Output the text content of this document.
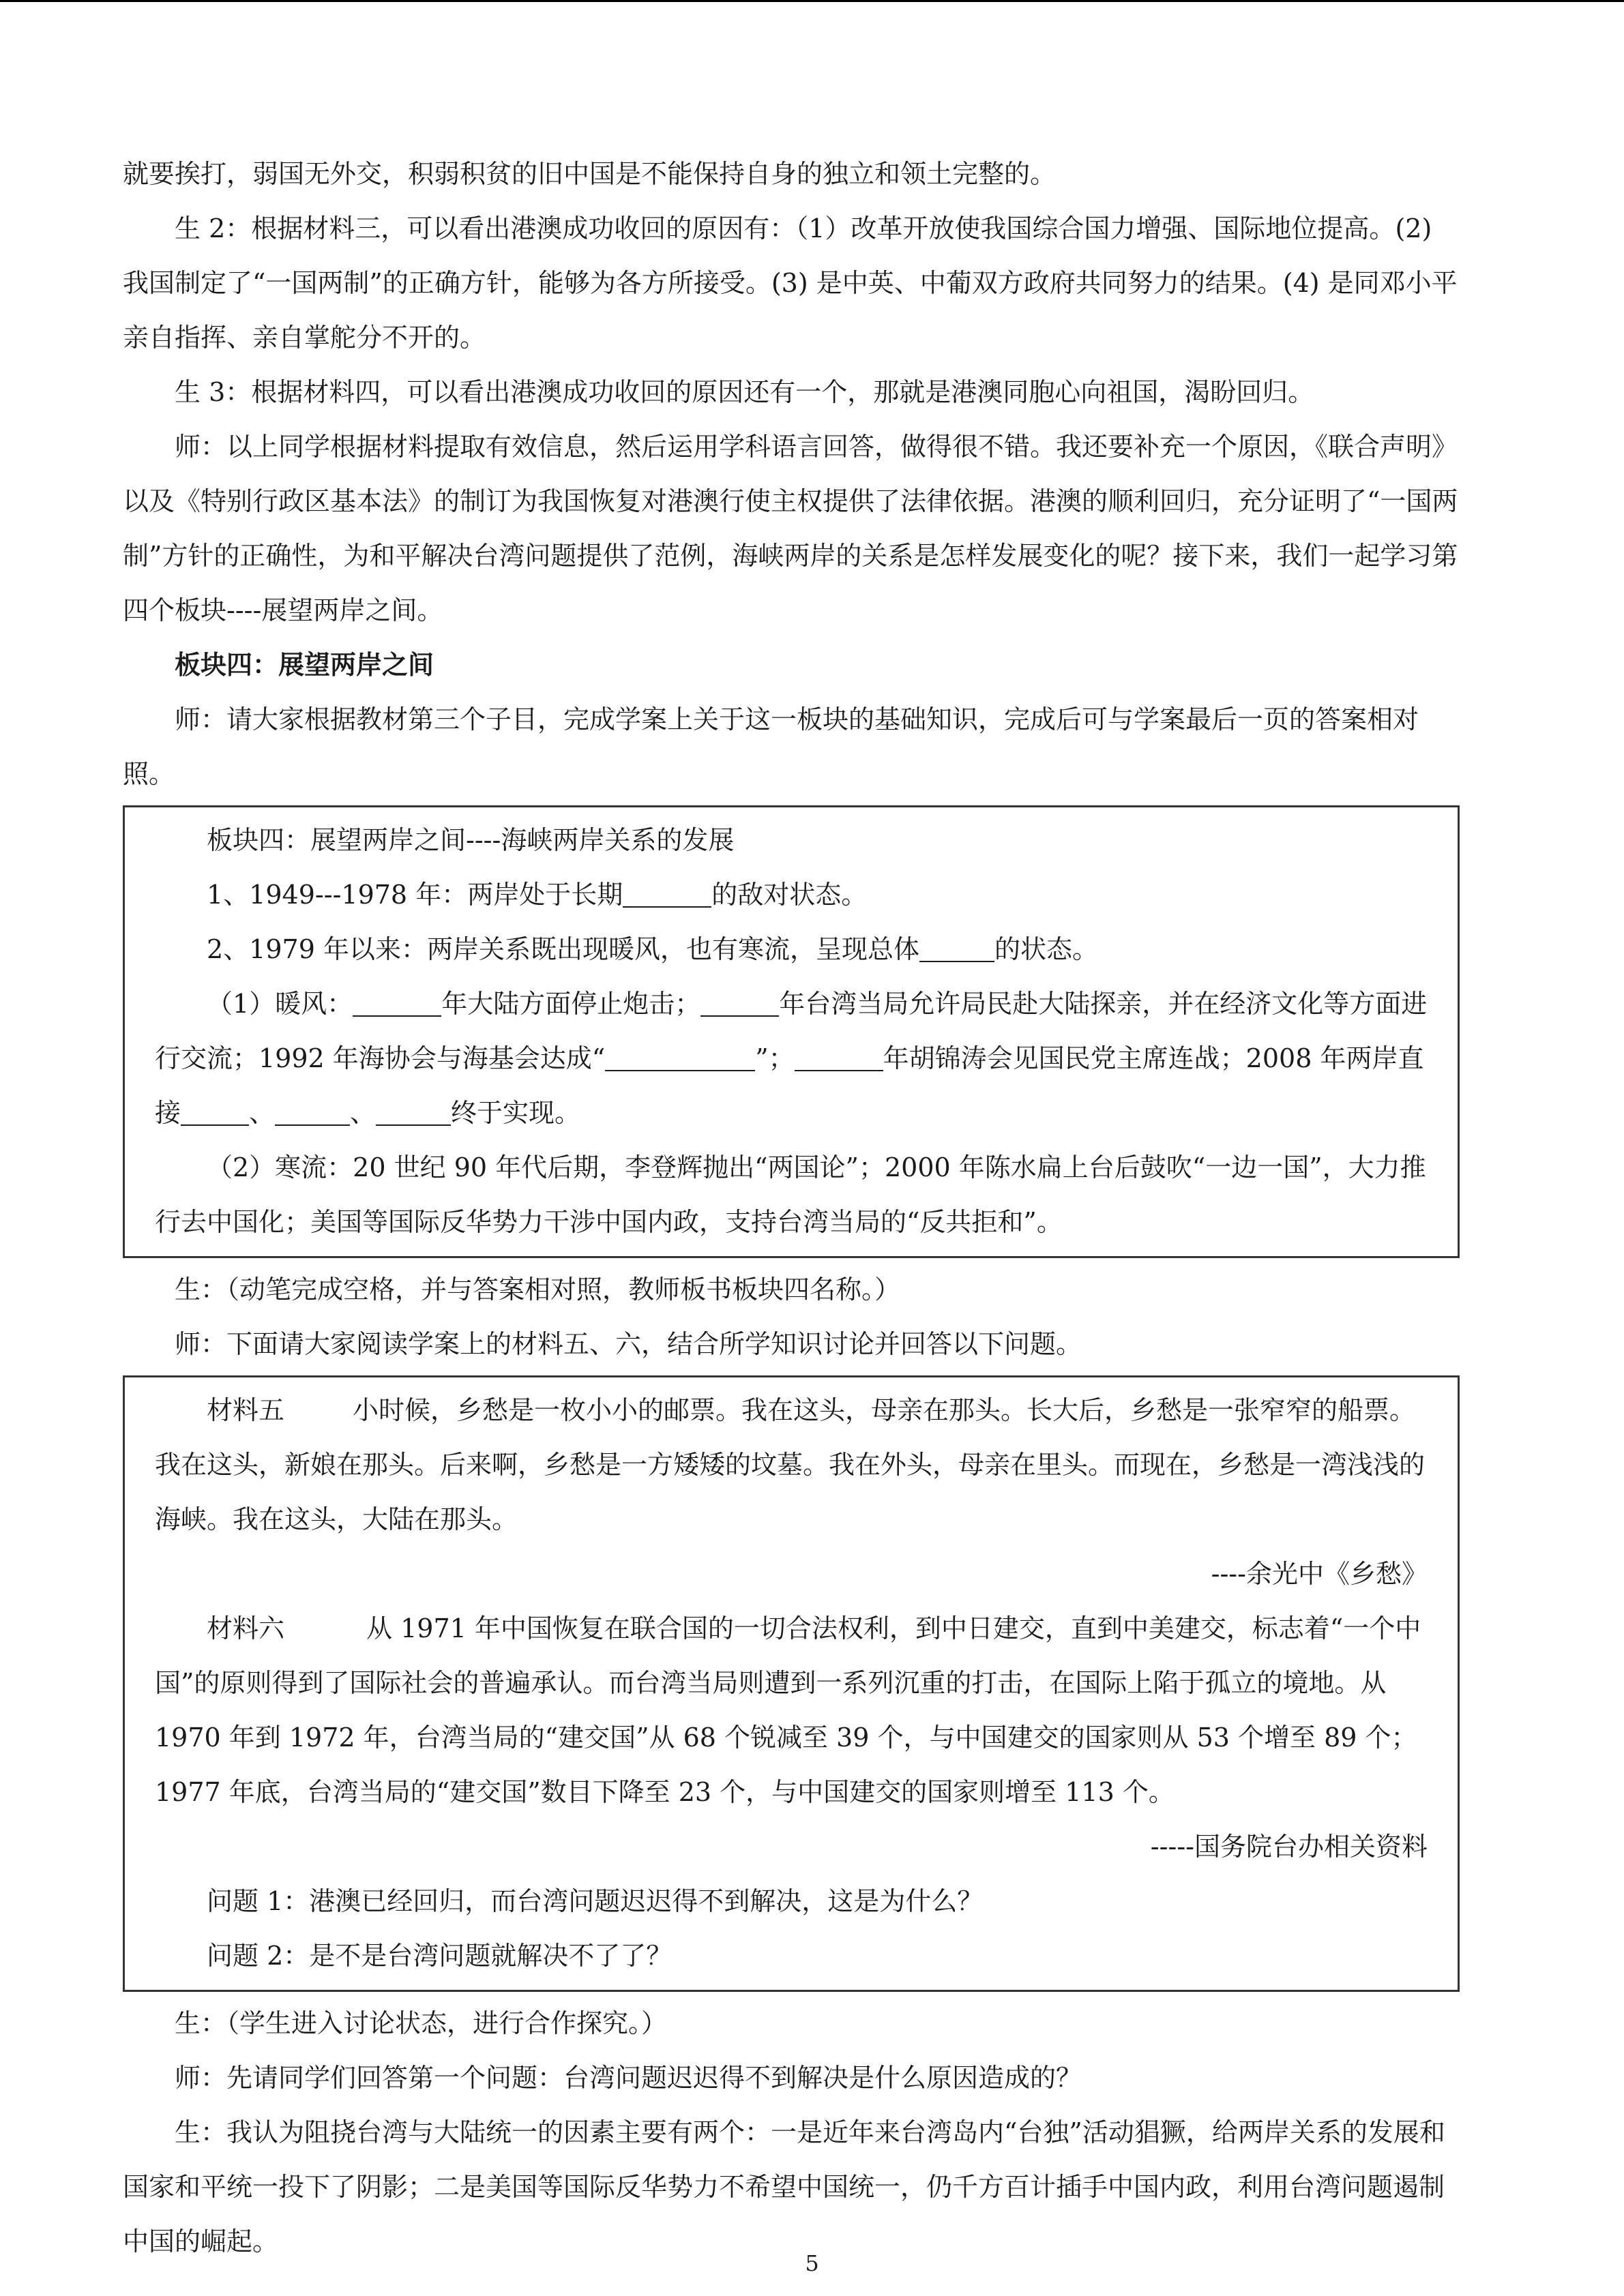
就要挨打，弱国无外交，积弱积贫的旧中国是不能保持自身的独立和领土完整的。

生 2：根据材料三，可以看出港澳成功收回的原因有：（1）改革开放使我国综合国力增强、国际地位提高。(2) 我国制定了“一国两制”的正确方针，能够为各方所接受。(3) 是中英、中葡双方政府共同努力的结果。(4) 是同邓小平亲自指挥、亲自掌舵分不开的。

生 3：根据材料四，可以看出港澳成功收回的原因还有一个，那就是港澳同胞心向祖国，渴盼回归。

师：以上同学根据材料提取有效信息，然后运用学科语言回答，做得很不错。我还要补充一个原因，《联合声明》以及《特别行政区基本法》的制订为我国恢复对港澳行使主权提供了法律依据。港澳的顺利回归，充分证明了“一国两制”方针的正确性，为和平解决台湾问题提供了范例，海峡两岸的关系是怎样发展变化的呢？接下来，我们一起学习第四个板块----展望两岸之间。

板块四：展望两岸之间

师：请大家根据教材第三个子目，完成学案上关于这一板块的基础知识，完成后可与学案最后一页的答案相对照。

板块四：展望两岸之间----海峡两岸关系的发展

1、1949---1978 年：两岸处于长期	的敌对状态。

2、1979 年以来：两岸关系既出现暖风，也有寒流，呈现总体	的状态。

（1）暖风：	年大陆方面停止炮击；	年台湾当局允许局民赴大陆探亲，并在经济文化等方面进行交流；1992 年海协会与海基会达成“	”；	年胡锦涛会见国民党主席连战；2008 年两岸直接	、	、	终于实现。

（2）寒流：20 世纪 90 年代后期，李登辉抛出“两国论”；2000 年陈水扁上台后鼓吹“一边一国”，大力推行去中国化；美国等国际反华势力干涉中国内政，支持台湾当局的“反共拒和”。

生：（动笔完成空格，并与答案相对照，教师板书板块四名称。）

师：下面请大家阅读学案上的材料五、六，结合所学知识讨论并回答以下问题。

材料五	小时候，乡愁是一枚小小的邮票。我在这头，母亲在那头。长大后，乡愁是一张窄窄的船票。我在这头，新娘在那头。后来啊，乡愁是一方矮矮的坟墓。我在外头，母亲在里头。而现在，乡愁是一湾浅浅的海峡。我在这头，大陆在那头。

----余光中《乡愁》

材料六	从 1971 年中国恢复在联合国的一切合法权利，到中日建交，直到中美建交，标志着“一个中国”的原则得到了国际社会的普遍承认。而台湾当局则遭到一系列沉重的打击，在国际上陷于孤立的境地。从 1970 年到 1972 年，台湾当局的“建交国”从 68 个锐减至 39 个，与中国建交的国家则从 53 个增至 89 个；1977 年底，台湾当局的“建交国”数目下降至 23 个，与中国建交的国家则增至 113 个。

-----国务院台办相关资料

问题 1：港澳已经回归，而台湾问题迟迟得不到解决，这是为什么？

问题 2：是不是台湾问题就解决不了了？

生：（学生进入讨论状态，进行合作探究。）

师：先请同学们回答第一个问题：台湾问题迟迟得不到解决是什么原因造成的？

生：我认为阻挠台湾与大陆统一的因素主要有两个：一是近年来台湾岛内“台独”活动猖獗，给两岸关系的发展和国家和平统一投下了阴影；二是美国等国际反华势力不希望中国统一，仍千方百计插手中国内政，利用台湾问题遏制中国的崛起。

5
